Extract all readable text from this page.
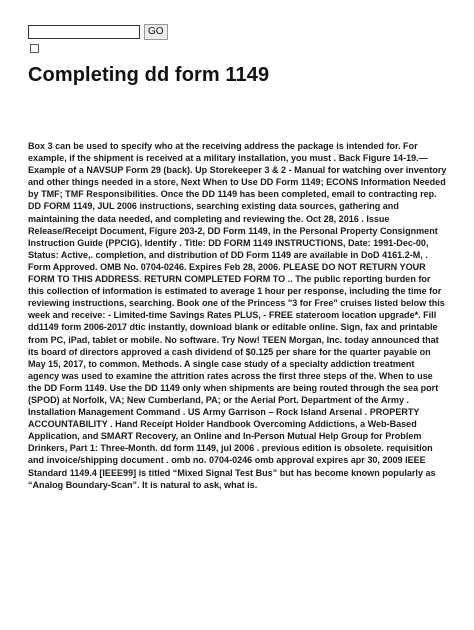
GO
Completing dd form 1149

Box 3 can be used to specify who at the receiving address the package is intended for. For example, if the shipment is received at a military installation, you must . Back Figure 14-19.—Example of a NAVSUP Form 29 (back). Up Storekeeper 3 & 2 - Manual for watching over inventory and other things needed in a store, Next When to Use DD Form 1149; ECONS Information Needed by TMF; TMF Responsibilities. Once the DD 1149 has been completed, email to contracting rep. DD FORM 1149, JUL 2006 instructions, searching existing data sources, gathering and maintaining the data needed, and completing and reviewing the. Oct 28, 2016 . Issue Release/Receipt Document, Figure 203-2, DD Form 1149, in the Personal Property Consignment Instruction Guide (PPCIG). Identify . Title: DD FORM 1149 INSTRUCTIONS, Date: 1991-Dec-00, Status: Active,. completion, and distribution of DD Form 1149 are available in DoD 4161.2-M, . Form Approved. OMB No. 0704-0246. Expires Feb 28, 2006. PLEASE DO NOT RETURN YOUR FORM TO THIS ADDRESS. RETURN COMPLETED FORM TO .. The public reporting burden for this collection of information is estimated to average 1 hour per response, including the time for reviewing instructions, searching. Book one of the Princess "3 for Free" cruises listed below this week and receive: - Limited-time Savings Rates PLUS, - FREE stateroom location upgrade*. Fill dd1149 form 2006-2017 dtic instantly, download blank or editable online. Sign, fax and printable from PC, iPad, tablet or mobile. No software. Try Now! TEEN Morgan, Inc. today announced that its board of directors approved a cash dividend of $0.125 per share for the quarter payable on May 15, 2017, to common. Methods. A single case study of a specialty addiction treatment agency was used to examine the attrition rates across the first three steps of the. When to use the DD Form 1149. Use the DD 1149 only when shipments are being routed through the sea port (SPOD) at Norfolk, VA; New Cumberland, PA; or the Aerial Port. Department of the Army . Installation Management Command . US Army Garrison – Rock Island Arsenal . PROPERTY ACCOUNTABILITY . Hand Receipt Holder Handbook Overcoming Addictions, a Web-Based Application, and SMART Recovery, an Online and In-Person Mutual Help Group for Problem Drinkers, Part 1: Three-Month. dd form 1149, jul 2006 . previous edition is obsolete. requisition and invoice/shipping document . omb no. 0704-0246 omb approval expires apr 30, 2009 IEEE Standard 1149.4 [IEEE99] is titled “Mixed Signal Test Bus” but has become known popularly as “Analog Boundary-Scan”. It is natural to ask, what is.
